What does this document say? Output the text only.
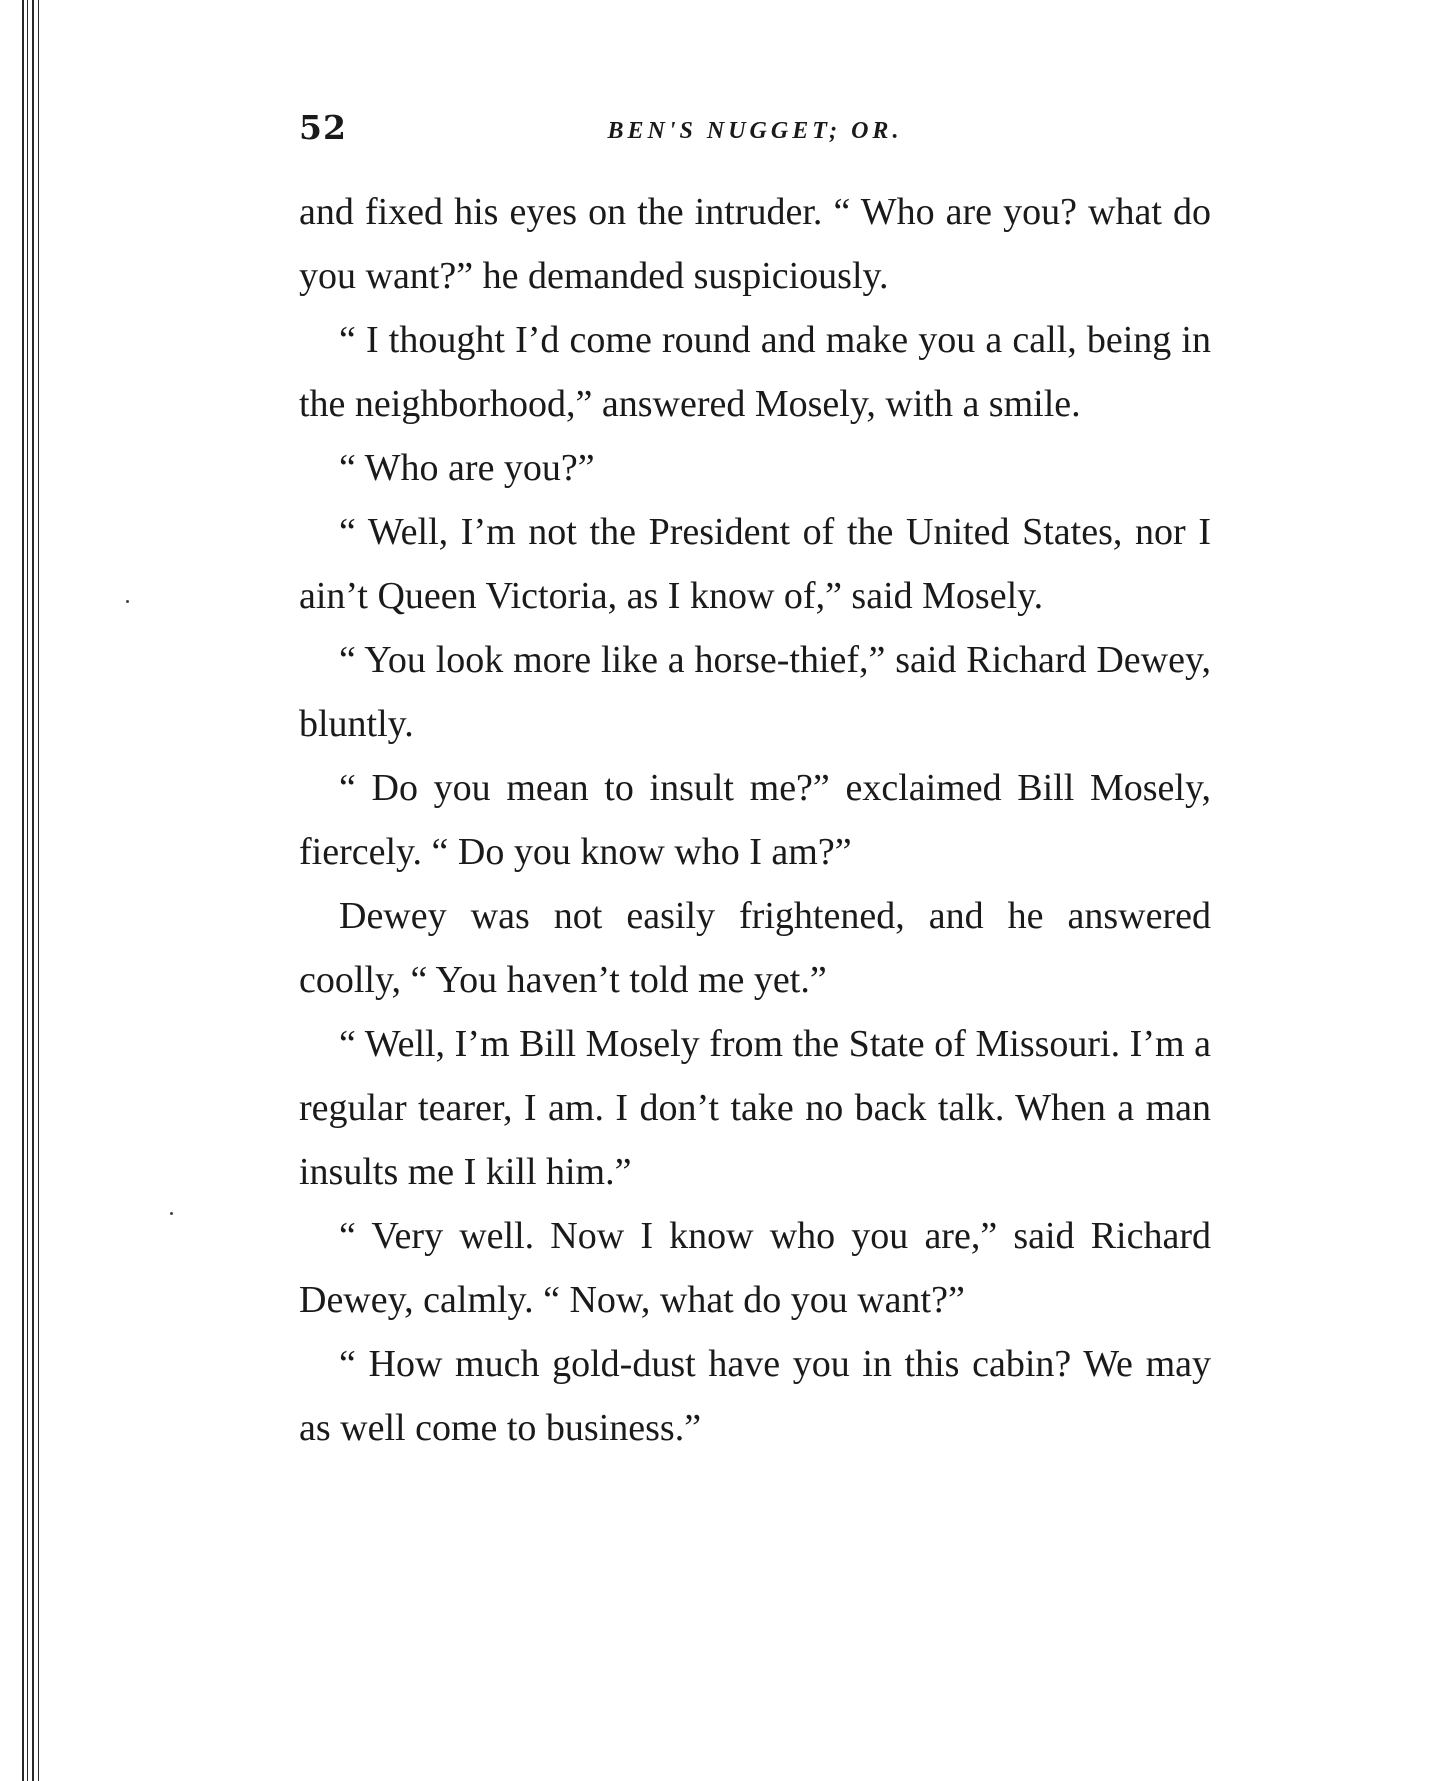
52	BEN'S NUGGET; OR.

and fixed his eyes on the intruder. “ Who are you? what do you want?” he demanded suspiciously.

“ I thought I’d come round and make you a call, being in the neighborhood,” answered Mosely, with a smile.

“ Who are you?”

“ Well, I’m not the President of the United States, nor I ain’t Queen Victoria, as I know of,” said Mosely.

“ You look more like a horse-thief,” said Richard Dewey, bluntly.

“ Do you mean to insult me?” exclaimed Bill Mosely, fiercely. “ Do you know who I am?”

Dewey was not easily frightened, and he answered coolly, “ You haven’t told me yet.”

“ Well, I’m Bill Mosely from the State of Missouri. I’m a regular tearer, I am. I don’t take no back talk. When a man insults me I kill him.”

“ Very well. Now I know who you are,” said Richard Dewey, calmly. “ Now, what do you want?”

“ How much gold-dust have you in this cabin? We may as well come to business.”
